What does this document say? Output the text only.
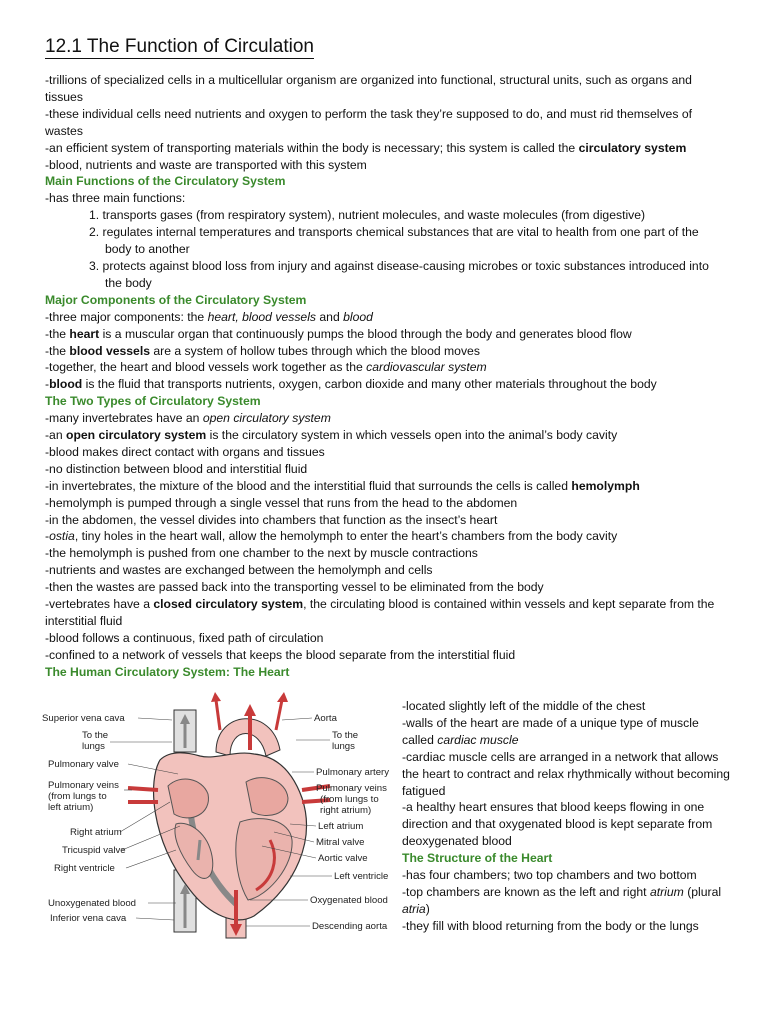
12.1 The Function of Circulation

-trillions of specialized cells in a multicellular organism are organized into functional, structural units, such as organs and tissues

-these individual cells need nutrients and oxygen to perform the task they’re supposed to do, and must rid themselves of wastes

-an efficient system of transporting materials within the body is necessary; this system is called the circulatory system

-blood, nutrients and waste are transported with this system

Main Functions of the Circulatory System

-has three main functions:

1. transports gases (from respiratory system), nutrient molecules, and waste molecules (from digestive)
2. regulates internal temperatures and transports chemical substances that are vital to health from one part of the body to another
3. protects against blood loss from injury and against disease-causing microbes or toxic substances introduced into the body

Major Components of the Circulatory System

-three major components: the heart, blood vessels and blood

-the heart is a muscular organ that continuously pumps the blood through the body and generates blood flow

-the blood vessels are a system of hollow tubes through which the blood moves

-together, the heart and blood vessels work together as the cardiovascular system

-blood is the fluid that transports nutrients, oxygen, carbon dioxide and many other materials throughout the body

The Two Types of Circulatory System

-many invertebrates have an open circulatory system

-an open circulatory system is the circulatory system in which vessels open into the animal’s body cavity

-blood makes direct contact with organs and tissues

-no distinction between blood and interstitial fluid

-in invertebrates, the mixture of the blood and the interstitial fluid that surrounds the cells is called hemolymph

-hemolymph is pumped through a single vessel that runs from the head to the abdomen

-in the abdomen, the vessel divides into chambers that function as the insect’s heart

-ostia, tiny holes in the heart wall, allow the hemolymph to enter the heart’s chambers from the body cavity

-the hemolymph is pushed from one chamber to the next by muscle contractions

-nutrients and wastes are exchanged between the hemolymph and cells

-then the wastes are passed back into the transporting vessel to be eliminated from the body

-vertebrates have a closed circulatory system, the circulating blood is contained within vessels and kept separate from the interstitial fluid

-blood follows a continuous, fixed path of circulation

-confined to a network of vessels that keeps the blood separate from the interstitial fluid

The Human Circulatory System: The Heart

Superior vena cava
To the
lungs
Pulmonary valve
Pulmonary veins
(from lungs to
left atrium)
Right atrium
Tricuspid valve
Right ventricle
Unoxygenated blood
Inferior vena cava
Aorta
To the
lungs
Pulmonary artery
Pulmonary veins
(from lungs to
right atrium)
Left atrium
Mitral valve
Aortic valve
Left ventricle
Oxygenated blood
Descending aorta

-located slightly left of the middle of the chest

-walls of the heart are made of a unique type of muscle called cardiac muscle

-cardiac muscle cells are arranged in a network that allows the heart to contract and relax rhythmically without becoming fatigued

-a healthy heart ensures that blood keeps flowing in one direction and that oxygenated blood is kept separate from deoxygenated blood

The Structure of the Heart

-has four chambers; two top chambers and two bottom

-top chambers are known as the left and right atrium (plural atria)

-they fill with blood returning from the body or the lungs
